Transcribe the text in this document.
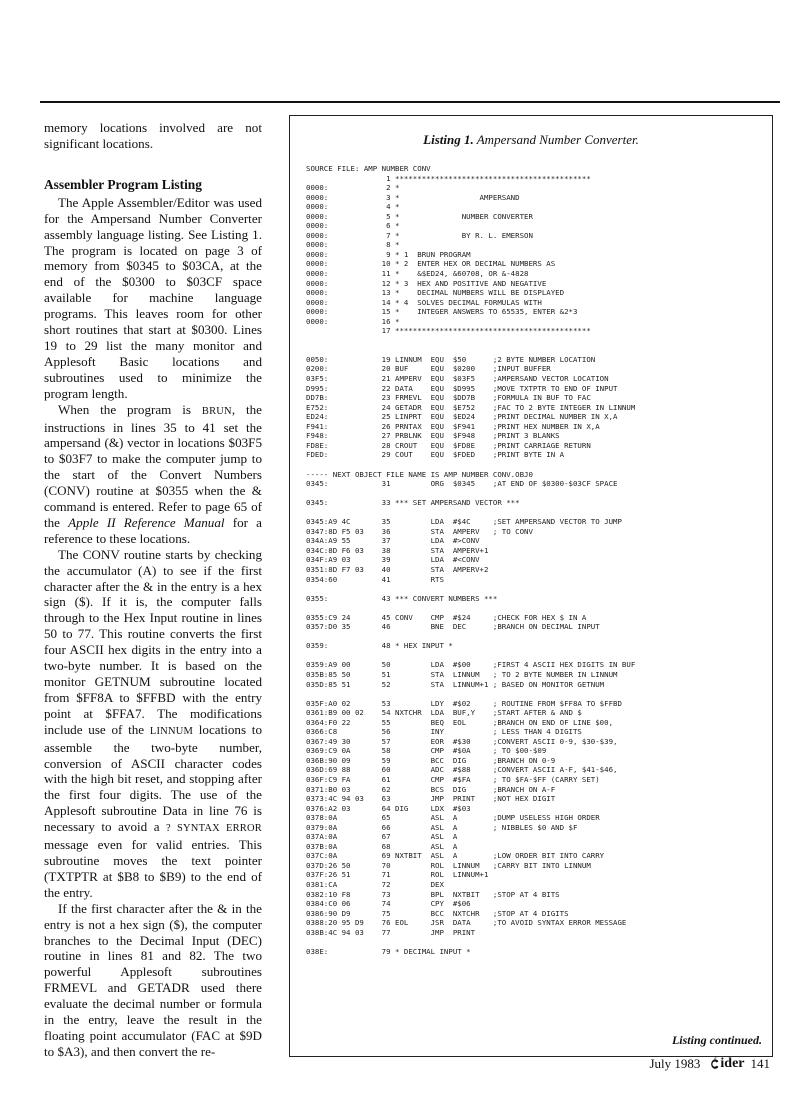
memory locations involved are not significant locations.

Assembler Program Listing

The Apple Assembler/Editor was used for the Ampersand Number Converter assembly language listing. See Listing 1. The program is located on page 3 of memory from $0345 to $03CA, at the end of the $0300 to $03CF space available for machine language programs. This leaves room for other short routines that start at $0300. Lines 19 to 29 list the many monitor and Applesoft Basic locations and subroutines used to minimize the program length.

When the program is BRUN, the instructions in lines 35 to 41 set the ampersand (&) vector in locations $03F5 to $03F7 to make the computer jump to the start of the Convert Numbers (CONV) routine at $0355 when the & command is entered. Refer to page 65 of the Apple II Reference Manual for a reference to these locations.

The CONV routine starts by checking the accumulator (A) to see if the first character after the & in the entry is a hex sign ($). If it is, the computer falls through to the Hex Input routine in lines 50 to 77. This routine converts the first four ASCII hex digits in the entry into a two-byte number. It is based on the monitor GETNUM subroutine located from $FF8A to $FFBD with the entry point at $FFA7. The modifications include use of the LINNUM locations to assemble the two-byte number, conversion of ASCII character codes with the high bit reset, and stopping after the first four digits. The use of the Applesoft subroutine Data in line 76 is necessary to avoid a ? SYNTAX ERROR message even for valid entries. This subroutine moves the text pointer (TXTPTR at $B8 to $B9) to the end of the entry.

If the first character after the & in the entry is not a hex sign ($), the computer branches to the Decimal Input (DEC) routine in lines 81 and 82. The two powerful Applesoft subroutines FRMEVL and GETADR used there evaluate the decimal number or formula in the entry, leave the result in the floating point accumulator (FAC at $9D to $A3), and then convert the re-

Listing 1. Ampersand Number Converter.
SOURCE FILE: AMP NUMBER CONV
1 ********************************************
0000:             2 *
0000:             3 *                  AMPERSAND
0000:             4 *
0000:             5 *              NUMBER CONVERTER
0000:             6 *
0000:             7 *              BY R. L. EMERSON
0000:             8 *
0000:             9 * 1  BRUN PROGRAM
0000:            10 * 2  ENTER HEX OR DECIMAL NUMBERS AS
0000:            11 *    &$ED24, &60708, OR &-4828
0000:            12 * 3  HEX AND POSITIVE AND NEGATIVE
0000:            13 *    DECIMAL NUMBERS WILL BE DISPLAYED
0000:            14 * 4  SOLVES DECIMAL FORMULAS WITH
0000:            15 *    INTEGER ANSWERS TO 65535, ENTER &2*3
0000:            16 *
17 ********************************************
0050:            19 LINNUM  EQU  $50      ;2 BYTE NUMBER LOCATION
0200:            20 BUF     EQU  $0200    ;INPUT BUFFER
03F5:            21 AMPERV  EQU  $03F5    ;AMPERSAND VECTOR LOCATION
D995:            22 DATA    EQU  $D995    ;MOVE TXTPTR TO END OF INPUT
DD7B:            23 FRMEVL  EQU  $DD7B    ;FORMULA IN BUF TO FAC
E752:            24 GETADR  EQU  $E752    ;FAC TO 2 BYTE INTEGER IN LINNUM
ED24:            25 LINPRT  EQU  $ED24    ;PRINT DECIMAL NUMBER IN X,A
F941:            26 PRNTAX  EQU  $F941    ;PRINT HEX NUMBER IN X,A
F948:            27 PRBLNK  EQU  $F948    ;PRINT 3 BLANKS
FD8E:            28 CROUT   EQU  $FD8E    ;PRINT CARRIAGE RETURN
FDED:            29 COUT    EQU  $FDED    ;PRINT BYTE IN A
----- NEXT OBJECT FILE NAME IS AMP NUMBER CONV.OBJ0
0345:            31         ORG  $0345    ;AT END OF $0300-$03CF SPACE
0345:            33 *** SET AMPERSAND VECTOR ***
0345:A9 4C       35         LDA  #$4C     ;SET AMPERSAND VECTOR TO JUMP
0347:8D F5 03    36         STA  AMPERV   ; TO CONV
034A:A9 55       37         LDA  #>CONV
034C:8D F6 03    38         STA  AMPERV+1
034F:A9 03       39         LDA  #<CONV
0351:8D F7 03    40         STA  AMPERV+2
0354:60          41         RTS
0355:            43 *** CONVERT NUMBERS ***
0355:C9 24       45 CONV    CMP  #$24     ;CHECK FOR HEX $ IN A
0357:D0 35       46         BNE  DEC      ;BRANCH ON DECIMAL INPUT
0359:            48 * HEX INPUT *
0359:A9 00       50         LDA  #$00     ;FIRST 4 ASCII HEX DIGITS IN BUF
035B:85 50       51         STA  LINNUM   ; TO 2 BYTE NUMBER IN LINNUM
035D:85 51       52         STA  LINNUM+1 ; BASED ON MONITOR GETNUM
035F:A0 02       53         LDY  #$02     ; ROUTINE FROM $FF8A TO $FFBD
0361:B9 00 02    54 NXTCHR  LDA  BUF,Y    ;START AFTER & AND $
0364:F0 22       55         BEQ  EOL      ;BRANCH ON END OF LINE $00,
0366:C8          56         INY           ; LESS THAN 4 DIGITS
0367:49 30       57         EOR  #$30     ;CONVERT ASCII 0-9, $30-$39,
0369:C9 0A       58         CMP  #$0A     ; TO $00-$09
036B:90 09       59         BCC  DIG      ;BRANCH ON 0-9
036D:69 88       60         ADC  #$88     ;CONVERT ASCII A-F, $41-$46,
036F:C9 FA       61         CMP  #$FA     ; TO $FA-$FF (CARRY SET)
0371:B0 03       62         BCS  DIG      ;BRANCH ON A-F
0373:4C 94 03    63         JMP  PRINT    ;NOT HEX DIGIT
0376:A2 03       64 DIG     LDX  #$03
0378:0A          65         ASL  A        ;DUMP USELESS HIGH ORDER
0379:0A          66         ASL  A        ; NIBBLES $0 AND $F
037A:0A          67         ASL  A
037B:0A          68         ASL  A
037C:0A          69 NXTBIT  ASL  A        ;LOW ORDER BIT INTO CARRY
037D:26 50       70         ROL  LINNUM   ;CARRY BIT INTO LINNUM
037F:26 51       71         ROL  LINNUM+1
0381:CA          72         DEX
0382:10 F8       73         BPL  NXTBIT   ;STOP AT 4 BITS
0384:C0 06       74         CPY  #$06
0386:90 D9       75         BCC  NXTCHR   ;STOP AT 4 DIGITS
0388:20 95 D9    76 EOL     JSR  DATA     ;TO AVOID SYNTAX ERROR MESSAGE
038B:4C 94 03    77         JMP  PRINT
038E:            79 * DECIMAL INPUT *
Listing continued.
July 1983 ider 141
